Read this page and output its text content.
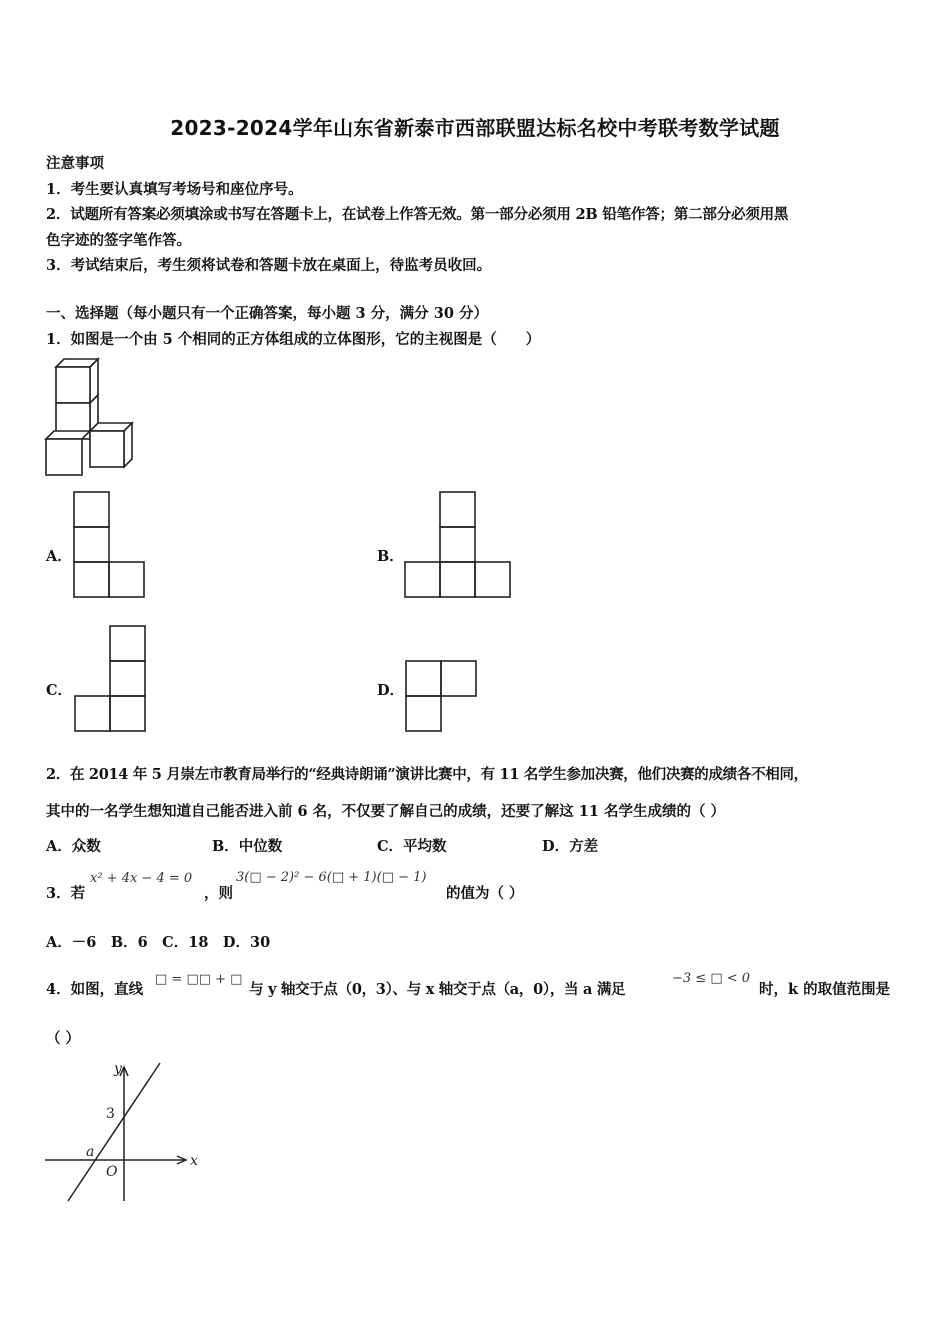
2023-2024学年山东省新泰市西部联盟达标名校中考联考数学试题
注意事项
1．考生要认真填写考场号和座位序号。
2．试题所有答案必须填涂或书写在答题卡上，在试卷上作答无效。第一部分必须用 2B 铅笔作答；第二部分必须用黑
色字迹的签字笔作答。
3．考试结束后，考生须将试卷和答题卡放在桌面上，待监考员收回。
一、选择题（每小题只有一个正确答案，每小题 3 分，满分 30 分）
1．如图是一个由 5 个相同的正方体组成的立体图形，它的主视图是（　　）
A．	B．
C．	D．
2．在 2014 年 5 月崇左市教育局举行的“经典诗朗诵”演讲比赛中，有 11 名学生参加决赛，他们决赛的成绩各不相同，
其中的一名学生想知道自己能否进入前 6 名，不仅要了解自己的成绩，还要了解这 11 名学生成绩的（ ）
A．众数	B．中位数	C．平均数	D．方差
3．若
x² + 4x − 4 = 0
，则
3(□ − 2)² − 6(□ + 1)(□ − 1)
的值为（ ）
A．－6　B．6　C．18　D．30
4．如图，直线
□ = □□ + □
与 y 轴交于点（0，3）、与 x 轴交于点（a，0），当 a 满足
−3 ≤ □ < 0
时，k 的取值范围是
（ ）
y
x
3
a
O
